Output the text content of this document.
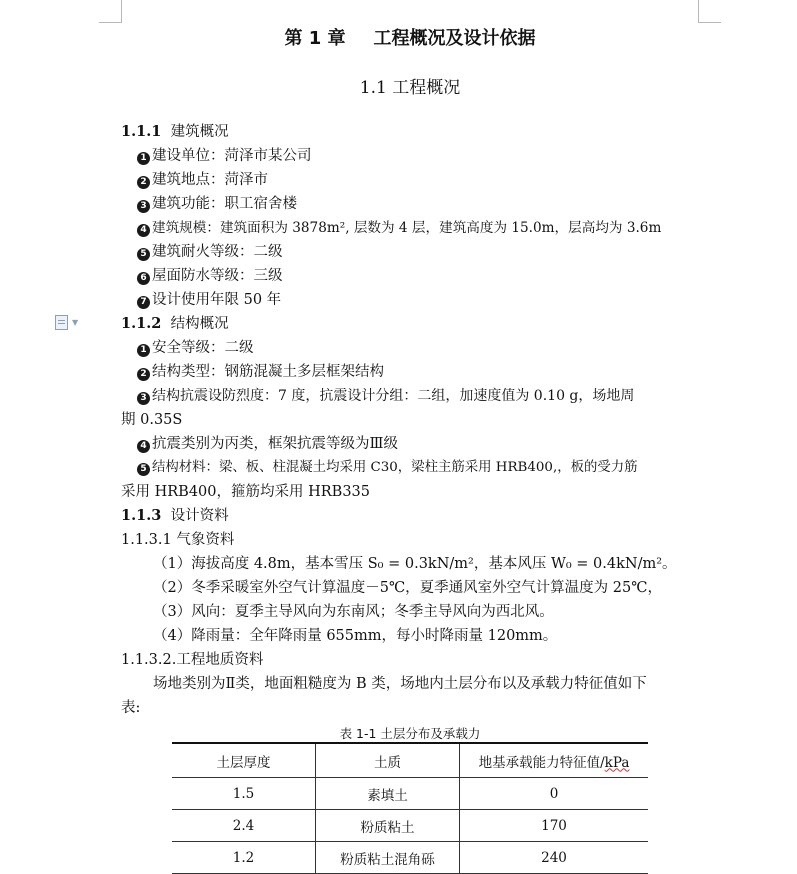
第 1 章 工程概况及设计依据
1.1 工程概况
1.1.1 建筑概况
1 建设单位：菏泽市某公司
2 建筑地点：菏泽市
3 建筑功能：职工宿舍楼
4 建筑规模：建筑面积为 3878m², 层数为 4 层，建筑高度为 15.0m，层高均为 3.6m
5 建筑耐火等级：二级
6 屋面防水等级：三级
7 设计使用年限 50 年
▼	1.1.2 结构概况
1 安全等级：二级
2 结构类型：钢筋混凝土多层框架结构
3 结构抗震设防烈度：7 度，抗震设计分组：二组，加速度值为 0.10 g，场地周
期 0.35S
4 抗震类别为丙类，框架抗震等级为Ⅲ级
5 结构材料：梁、板、柱混凝土均采用 C30，梁柱主筋采用 HRB400,，板的受力筋
采用 HRB400，箍筋均采用 HRB335
1.1.3 设计资料
1.1.3.1 气象资料
（1）海拔高度 4.8m，基本雪压 S₀ = 0.3kN/m²，基本风压 W₀ = 0.4kN/m²。
（2）冬季采暖室外空气计算温度－5℃，夏季通风室外空气计算温度为 25℃，
（3）风向：夏季主导风向为东南风；冬季主导风向为西北风。
（4）降雨量：全年降雨量 655mm，每小时降雨量 120mm。
1.1.3.2.工程地质资料
场地类别为Ⅱ类，地面粗糙度为 B 类，场地内土层分布以及承载力特征值如下
表:
表 1-1 土层分布及承载力
土层厚度	土质	地基承载能力特征值/kPa
1.5	素填土	0
2.4	粉质粘土	170
1.2	粉质粘土混角砾	240
